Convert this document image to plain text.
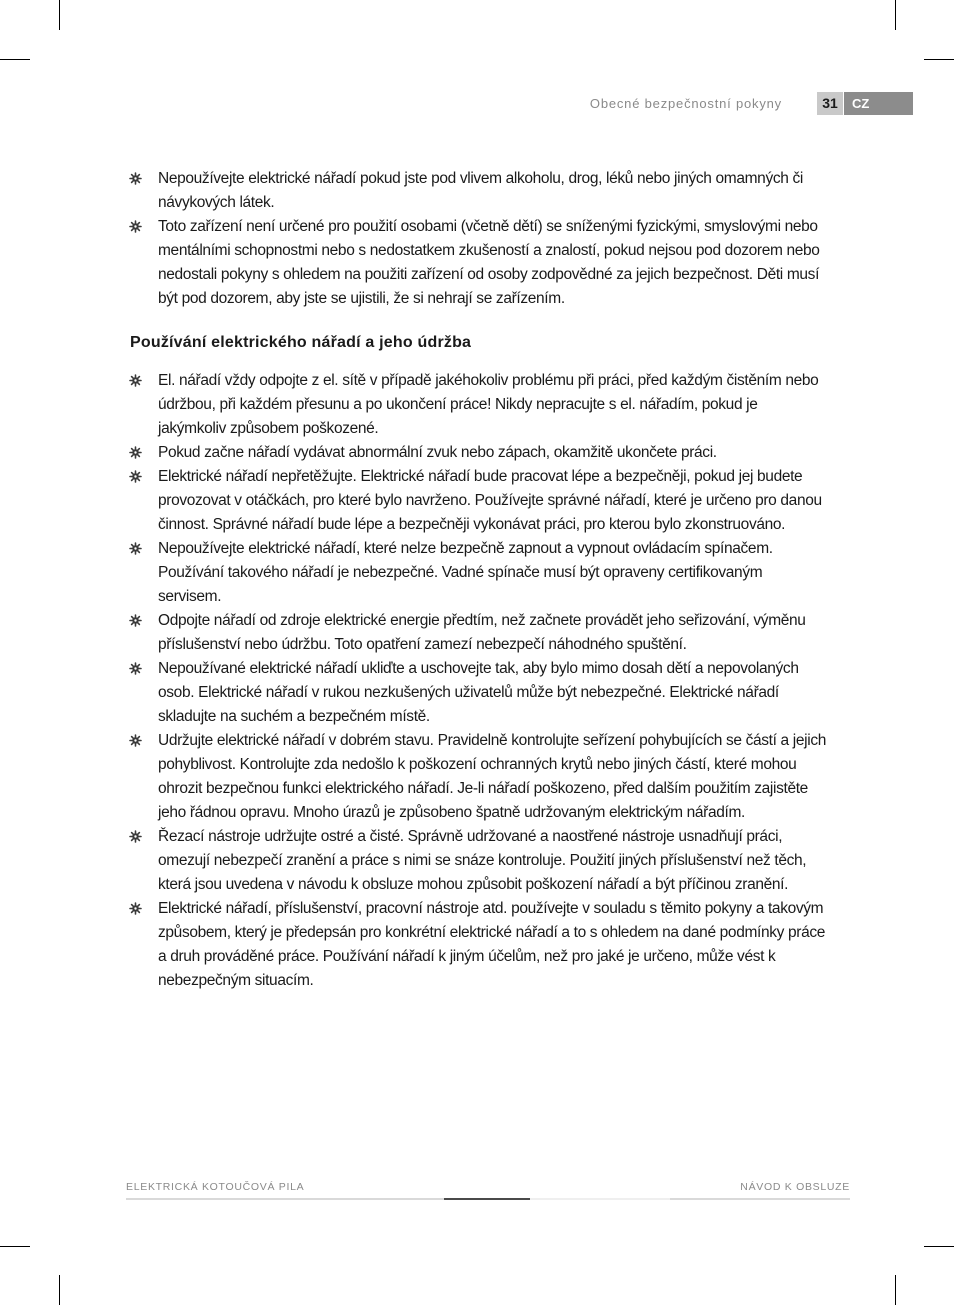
Obecné bezpečnostní pokyny	31	CZ
Nepoužívejte elektrické nářadí pokud jste pod vlivem alkoholu, drog, léků nebo jiných omamných či návykových látek.
Toto zařízení není určené pro použití osobami (včetně dětí) se sníženými fyzickými, smyslovými nebo mentálními schopnostmi nebo s nedostatkem zkušeností a znalostí, pokud nejsou pod dozorem nebo nedostali pokyny s ohledem na použiti zařízení od osoby zodpovědné za jejich bezpečnost. Děti musí být pod dozorem, aby jste se ujistili, že si nehrají se zařízením.
Používání elektrického nářadí a jeho údržba
El. nářadí vždy odpojte z el. sítě v případě jakéhokoliv problému při práci, před každým čistěním nebo údržbou, při každém přesunu a po ukončení práce! Nikdy nepracujte s el. nářadím, pokud je jakýmkoliv způsobem poškozené.
Pokud začne nářadí vydávat abnormální zvuk nebo zápach, okamžitě ukončete práci.
Elektrické nářadí nepřetěžujte. Elektrické nářadí bude pracovat lépe a bezpečněji, pokud jej budete provozovat v otáčkách, pro které bylo navrženo. Používejte správné nářadí, které je určeno pro danou činnost. Správné nářadí bude lépe a bezpečněji vykonávat práci, pro kterou bylo zkonstruováno.
Nepoužívejte elektrické nářadí, které nelze bezpečně zapnout a vypnout ovládacím spínačem. Používání takového nářadí je nebezpečné. Vadné spínače musí být opraveny certifikovaným servisem.
Odpojte nářadí od zdroje elektrické energie předtím, než začnete provádět jeho seřizování, výměnu příslušenství nebo údržbu. Toto opatření zamezí nebezpečí náhodného spuštění.
Nepoužívané elektrické nářadí ukliďte a uschovejte tak, aby bylo mimo dosah dětí a nepovolaných osob. Elektrické nářadí v rukou nezkušených uživatelů může být nebezpečné. Elektrické nářadí skladujte na suchém a bezpečném místě.
Udržujte elektrické nářadí v dobrém stavu. Pravidelně kontrolujte seřízení pohybujících se částí a jejich pohyblivost. Kontrolujte zda nedošlo k poškození ochranných krytů nebo jiných částí, které mohou ohrozit bezpečnou funkci elektrického nářadí. Je-li nářadí poškozeno, před dalším použitím zajistěte jeho řádnou opravu. Mnoho úrazů je způsobeno špatně udržovaným elektrickým nářadím.
Řezací nástroje udržujte ostré a čisté. Správně udržované a naostřené nástroje usnadňují práci, omezují nebezpečí zranění a práce s nimi se snáze kontroluje. Použití jiných příslušenství než těch, která jsou uvedena v návodu k obsluze mohou způsobit poškození nářadí a být příčinou zranění.
Elektrické nářadí, příslušenství, pracovní nástroje atd. používejte v souladu s těmito pokyny a takovým způsobem, který je předepsán pro konkrétní elektrické nářadí a to s ohledem na dané podmínky práce a druh prováděné práce. Používání nářadí k jiným účelům, než pro jaké je určeno, může vést k nebezpečným situacím.
ELEKTRICKÁ KOTOUČOVÁ PILA	NÁVOD K OBSLUZE
